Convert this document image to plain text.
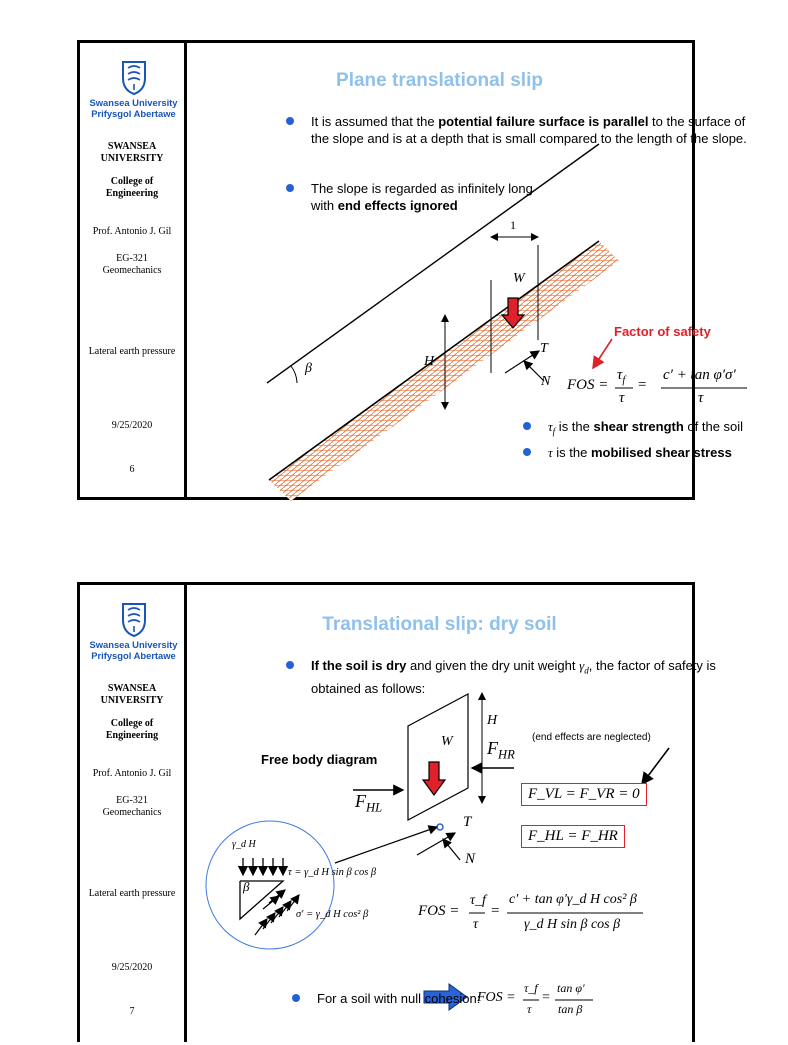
Swansea University
Prifysgol Abertawe
SWANSEA
UNIVERSITY
College of
Engineering
Prof. Antonio J. Gil
EG-321
Geomechanics
Lateral earth pressure
9/25/2020
6
Plane translational slip
It is assumed that the potential failure surface is parallel to the surface of the slope and is at a depth that is small compared to the length of the slope.
The slope is regarded as infinitely long with end effects ignored
1
W
H
β
T
N
Factor of safety
FOS =
$\tau_f$
τ
=
c′ + tan φ′σ′
τ
$\tau_f$ is the shear strength of the soil
τ is the mobilised shear stress
Swansea University
Prifysgol Abertawe
SWANSEA
UNIVERSITY
College of
Engineering
Prof. Antonio J. Gil
EG-321
Geomechanics
Lateral earth pressure
9/25/2020
7
Translational slip: dry soil
If the soil is dry and given the dry unit weight $\gamma_d$, the factor of safety is obtained as follows:
Free body diagram
H
W $F_{HR}$
$F_{HL}$
T
N
(end effects are neglected)
F_VL = F_VR = 0
F_HL = F_HR
γ_d H
β
τ = γ_d H sin β cos β
σ′ = γ_d H cos² β	FOS =
τ_f
τ
=
c′ + tan φ′γ_d H cos² β
γ_d H sin β cos β
For a soil with null cohesion:
FOS =
τ_f
τ
=
tan φ′
tan β
